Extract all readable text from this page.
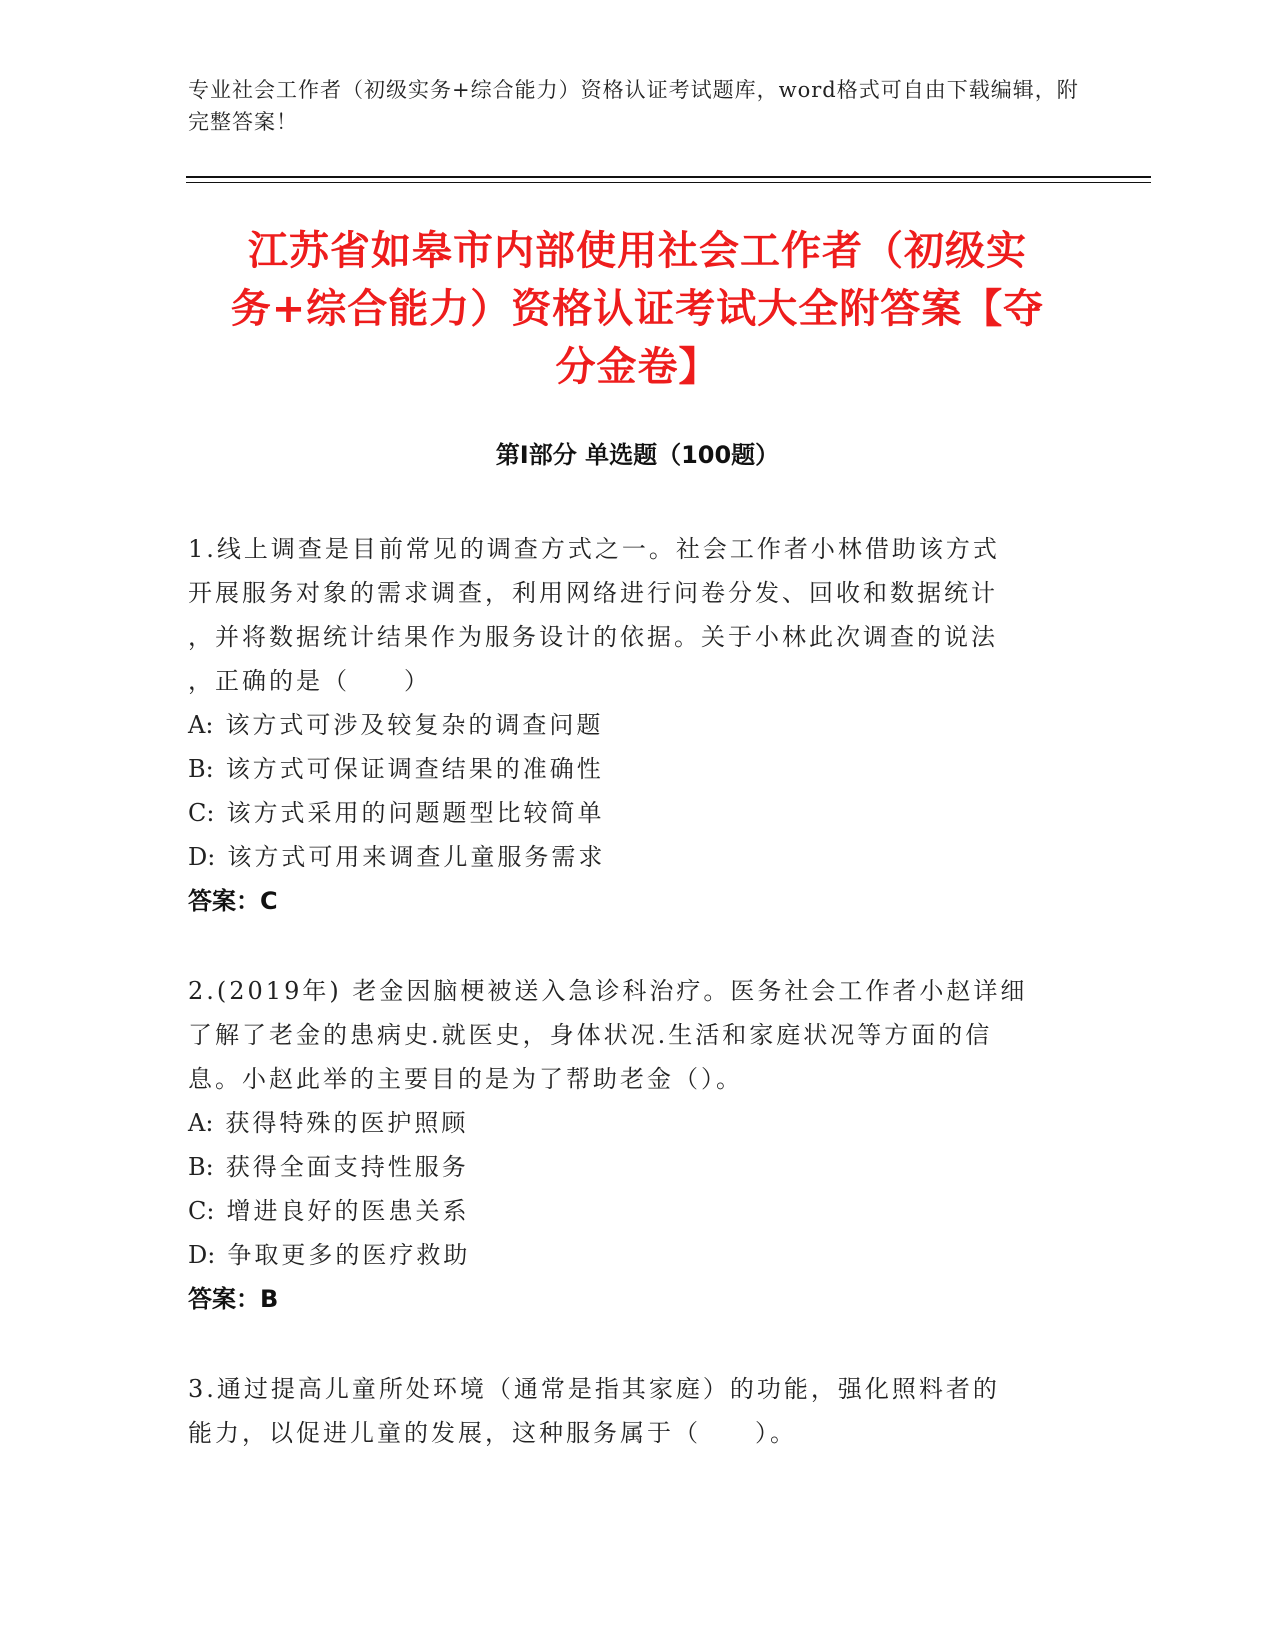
专业社会工作者（初级实务+综合能力）资格认证考试题库，word格式可自由下载编辑，附完整答案！
江苏省如皋市内部使用社会工作者（初级实
务+综合能力）资格认证考试大全附答案【夺
分金卷】
第Ⅰ部分 单选题（100题）
1.线上调查是目前常见的调查方式之一。社会工作者小林借助该方式
开展服务对象的需求调查，利用网络进行问卷分发、回收和数据统计
，并将数据统计结果作为服务设计的依据。关于小林此次调查的说法
，正确的是（　　）
A: 该方式可涉及较复杂的调查问题
B: 该方式可保证调查结果的准确性
C: 该方式采用的问题题型比较简单
D: 该方式可用来调查儿童服务需求
答案：C
2.(2019年) 老金因脑梗被送入急诊科治疗。医务社会工作者小赵详细
了解了老金的患病史.就医史，身体状况.生活和家庭状况等方面的信
息。小赵此举的主要目的是为了帮助老金（）。
A: 获得特殊的医护照顾
B: 获得全面支持性服务
C: 增进良好的医患关系
D: 争取更多的医疗救助
答案：B
3.通过提高儿童所处环境（通常是指其家庭）的功能，强化照料者的
能力，以促进儿童的发展，这种服务属于（　　）。
